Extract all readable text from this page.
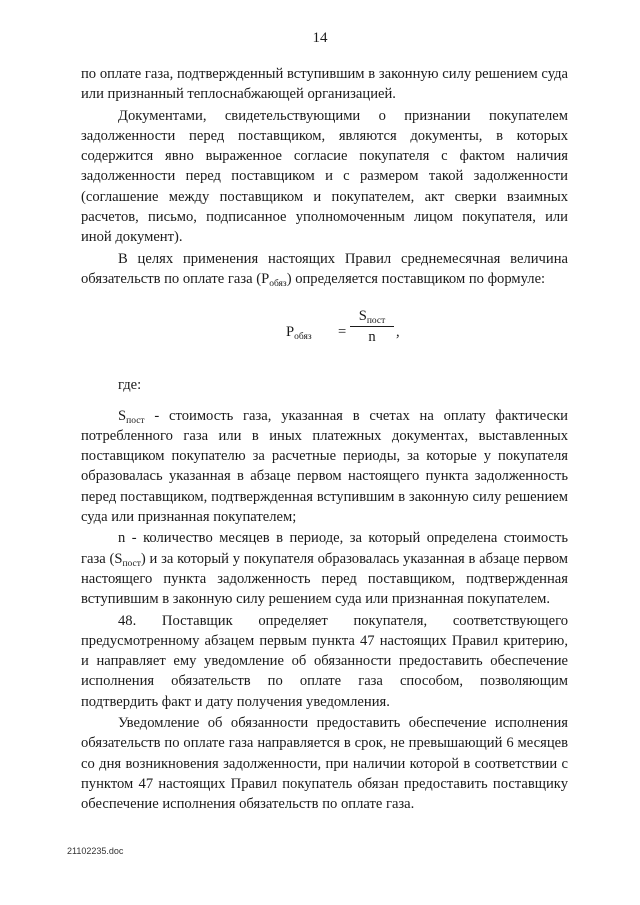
14

по оплате газа, подтвержденный вступившим в законную силу решением суда или признанный теплоснабжающей организацией.

Документами, свидетельствующими о признании покупателем задолженности перед поставщиком, являются документы, в которых содержится явно выраженное согласие покупателя с фактом наличия задолженности перед поставщиком и с размером такой задолженности (соглашение между поставщиком и покупателем, акт сверки взаимных расчетов, письмо, подписанное уполномоченным лицом покупателя, или иной документ).

В целях применения настоящих Правил среднемесячная величина обязательств по оплате газа $(P_{обяз})$ определяется поставщиком по формуле:

$P_{обяз}$ =
$S_{пост}$
n	,

где:

$S_{пост}$ - стоимость газа, указанная в счетах на оплату фактически потребленного газа или в иных платежных документах, выставленных поставщиком покупателю за расчетные периоды, за которые у покупателя образовалась указанная в абзаце первом настоящего пункта задолженность перед поставщиком, подтвержденная вступившим в законную силу решением суда или признанная покупателем;

n - количество месяцев в периоде, за который определена стоимость газа $(S_{пост})$ и за который у покупателя образовалась указанная в абзаце первом настоящего пункта задолженность перед поставщиком, подтвержденная вступившим в законную силу решением суда или признанная покупателем.

48. Поставщик определяет покупателя, соответствующего предусмотренному абзацем первым пункта 47 настоящих Правил критерию, и направляет ему уведомление об обязанности предоставить обеспечение исполнения обязательств по оплате газа способом, позволяющим подтвердить факт и дату получения уведомления.

Уведомление об обязанности предоставить обеспечение исполнения обязательств по оплате газа направляется в срок, не превышающий 6 месяцев со дня возникновения задолженности, при наличии которой в соответствии с пунктом 47 настоящих Правил покупатель обязан предоставить поставщику обеспечение исполнения обязательств по оплате газа.

21102235.doc
